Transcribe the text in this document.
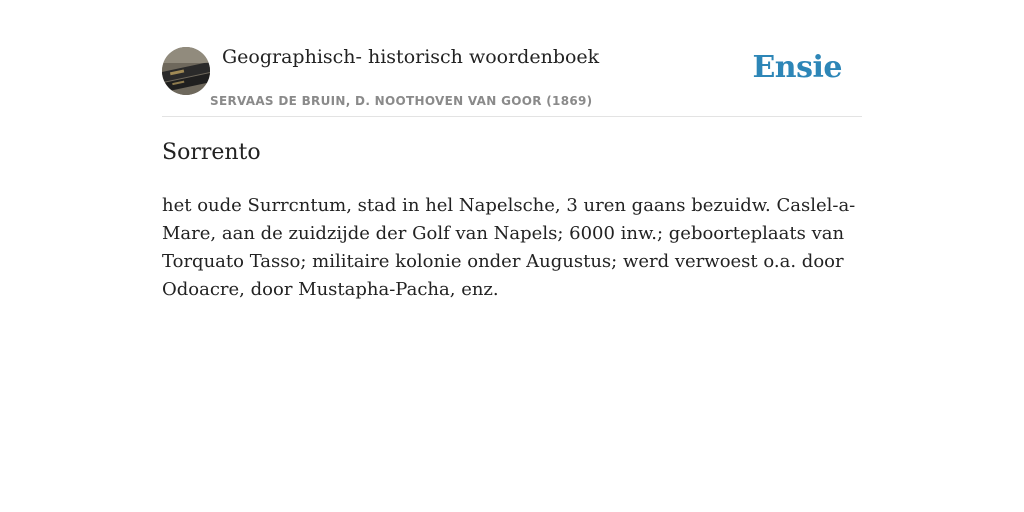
Geographisch- historisch woordenboek
SERVAAS DE BRUIN, D. NOOTHOVEN VAN GOOR (1869)
Ensie
Sorrento

het oude Surrcntum, stad in hel Napelsche, 3 uren gaans bezuidw. Caslel-a-Mare, aan de zuidzijde der Golf van Napels; 6000 inw.; geboorteplaats van Torquato Tasso; militaire kolonie onder Augustus; werd verwoest o.a. door Odoacre, door Mustapha-Pacha, enz.
